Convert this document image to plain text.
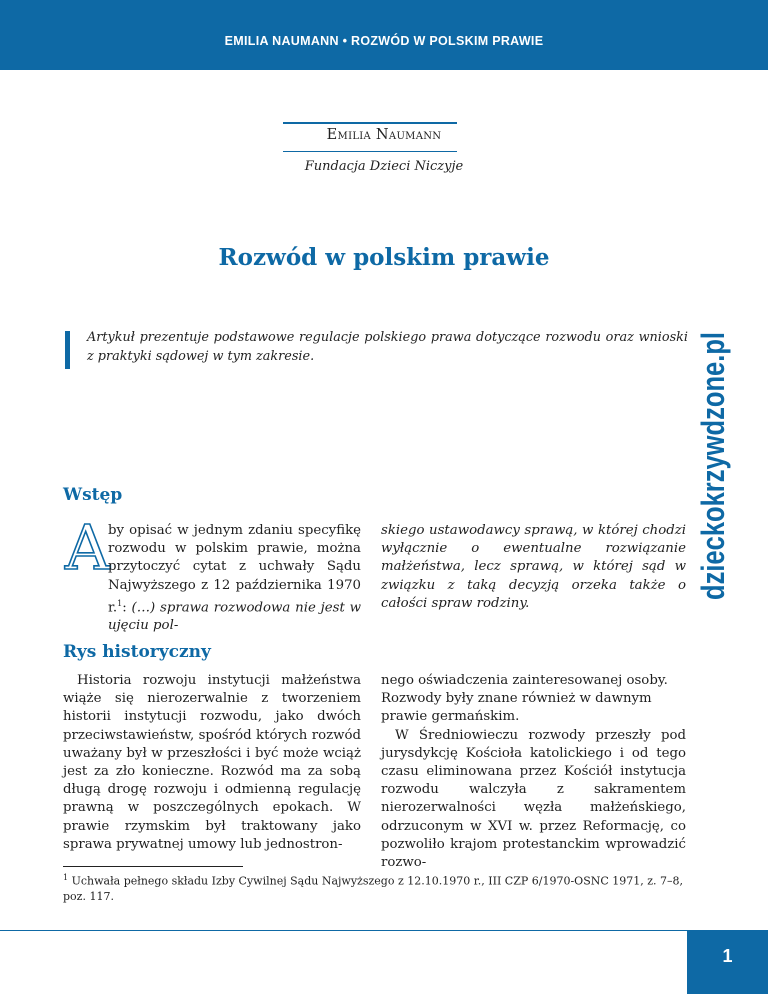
EMILIA NAUMANN • ROZWÓD W POLSKIM PRAWIE
Emilia Naumann
Fundacja Dzieci Niczyje
Rozwód w polskim prawie
Artykuł prezentuje podstawowe regulacje polskiego prawa dotyczące rozwodu oraz wnioski z praktyki sądowej w tym zakresie.	dzieckokrzywdzone.pl
Wstęp
A

by opisać w jednym zdaniu specyfikę rozwodu w polskim prawie, można przytoczyć cytat z uchwały Sądu Najwyższego z 12 października 1970 r.$^1$: (…) sprawa rozwodowa nie jest w ujęciu pol-

skiego ustawodawcy sprawą, w której chodzi wyłącznie o ewentualne rozwiązanie małżeństwa, lecz sprawą, w której sąd w związku z taką decyzją orzeka także o całości spraw rodziny.

Rys historyczny

Historia rozwoju instytucji małżeństwa wiąże się nierozerwalnie z tworzeniem historii instytucji rozwodu, jako dwóch przeciwstawieństw, spośród których rozwód uważany był w przeszłości i być może wciąż jest za zło konieczne. Rozwód ma za sobą długą drogę rozwoju i odmienną regulację prawną w poszczególnych epokach. W prawie rzymskim był traktowany jako sprawa prywatnej umowy lub jednostron-

nego oświadczenia zainteresowanej osoby. Rozwody były znane również w dawnym prawie germańskim.

W Średniowieczu rozwody przeszły pod jurysdykcję Kościoła katolickiego i od tego czasu eliminowana przez Kościół instytucja rozwodu walczyła z sakramentem nierozerwalności węzła małżeńskiego, odrzuconym w XVI w. przez Reformację, co pozwoliło krajom protestanckim wprowadzić rozwo-

$^1$ Uchwała pełnego składu Izby Cywilnej Sądu Najwyższego z 12.10.1970 r., III CZP 6/1970-OSNC 1971, z. 7–8, poz. 117.
1
